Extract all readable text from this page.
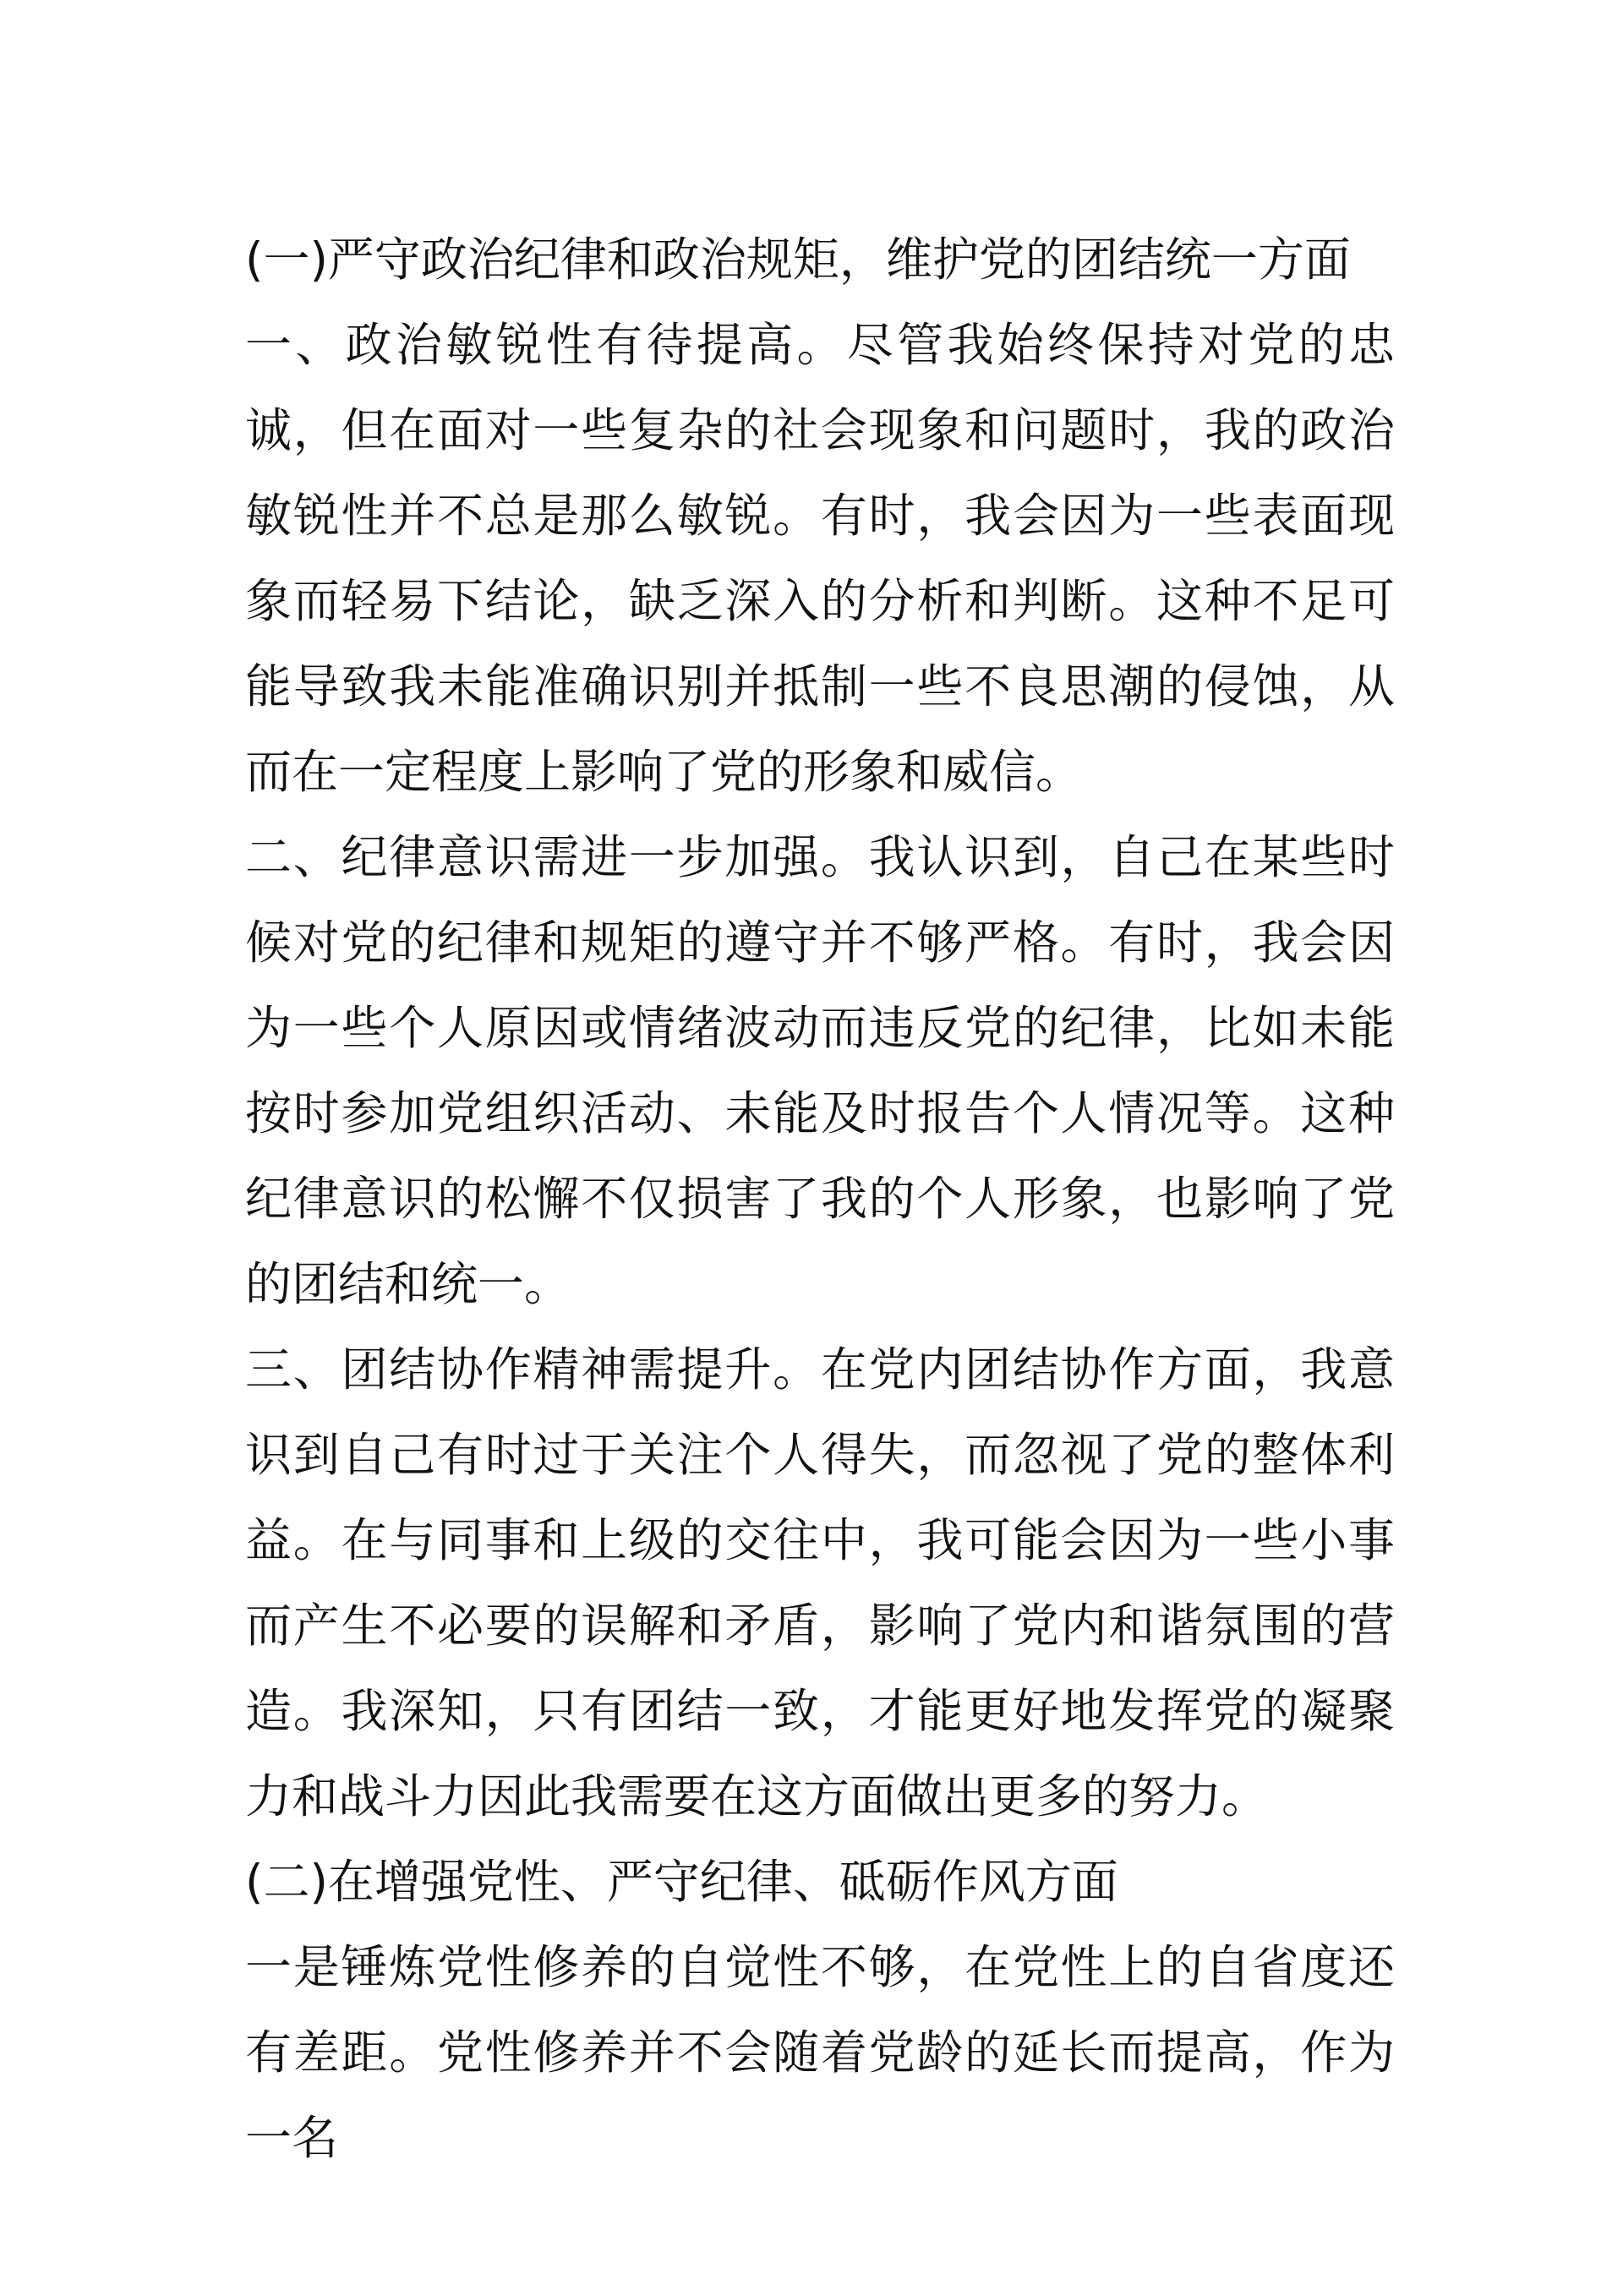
(一)严守政治纪律和政治规矩，维护党的团结统一方面

一、政治敏锐性有待提高。尽管我始终保持对党的忠诚，但在面对一些复杂的社会现象和问题时，我的政治敏锐性并不总是那么敏锐。有时，我会因为一些表面现象而轻易下结论，缺乏深入的分析和判断。这种不足可能导致我未能准确识别并抵制一些不良思潮的侵蚀，从而在一定程度上影响了党的形象和威信。

二、纪律意识需进一步加强。我认识到，自己在某些时候对党的纪律和规矩的遵守并不够严格。有时，我会因为一些个人原因或情绪波动而违反党的纪律，比如未能按时参加党组织活动、未能及时报告个人情况等。这种纪律意识的松懈不仅损害了我的个人形象，也影响了党的团结和统一。

三、团结协作精神需提升。在党内团结协作方面，我意识到自己有时过于关注个人得失，而忽视了党的整体利益。在与同事和上级的交往中，我可能会因为一些小事而产生不必要的误解和矛盾，影响了党内和谐氛围的营造。我深知，只有团结一致，才能更好地发挥党的凝聚力和战斗力因此我需要在这方面做出更多的努力。

(二)在增强党性、严守纪律、砥砺作风方面

一是锤炼党性修养的自觉性不够，在党性上的自省度还有差距。党性修养并不会随着党龄的延长而提高，作为一名
